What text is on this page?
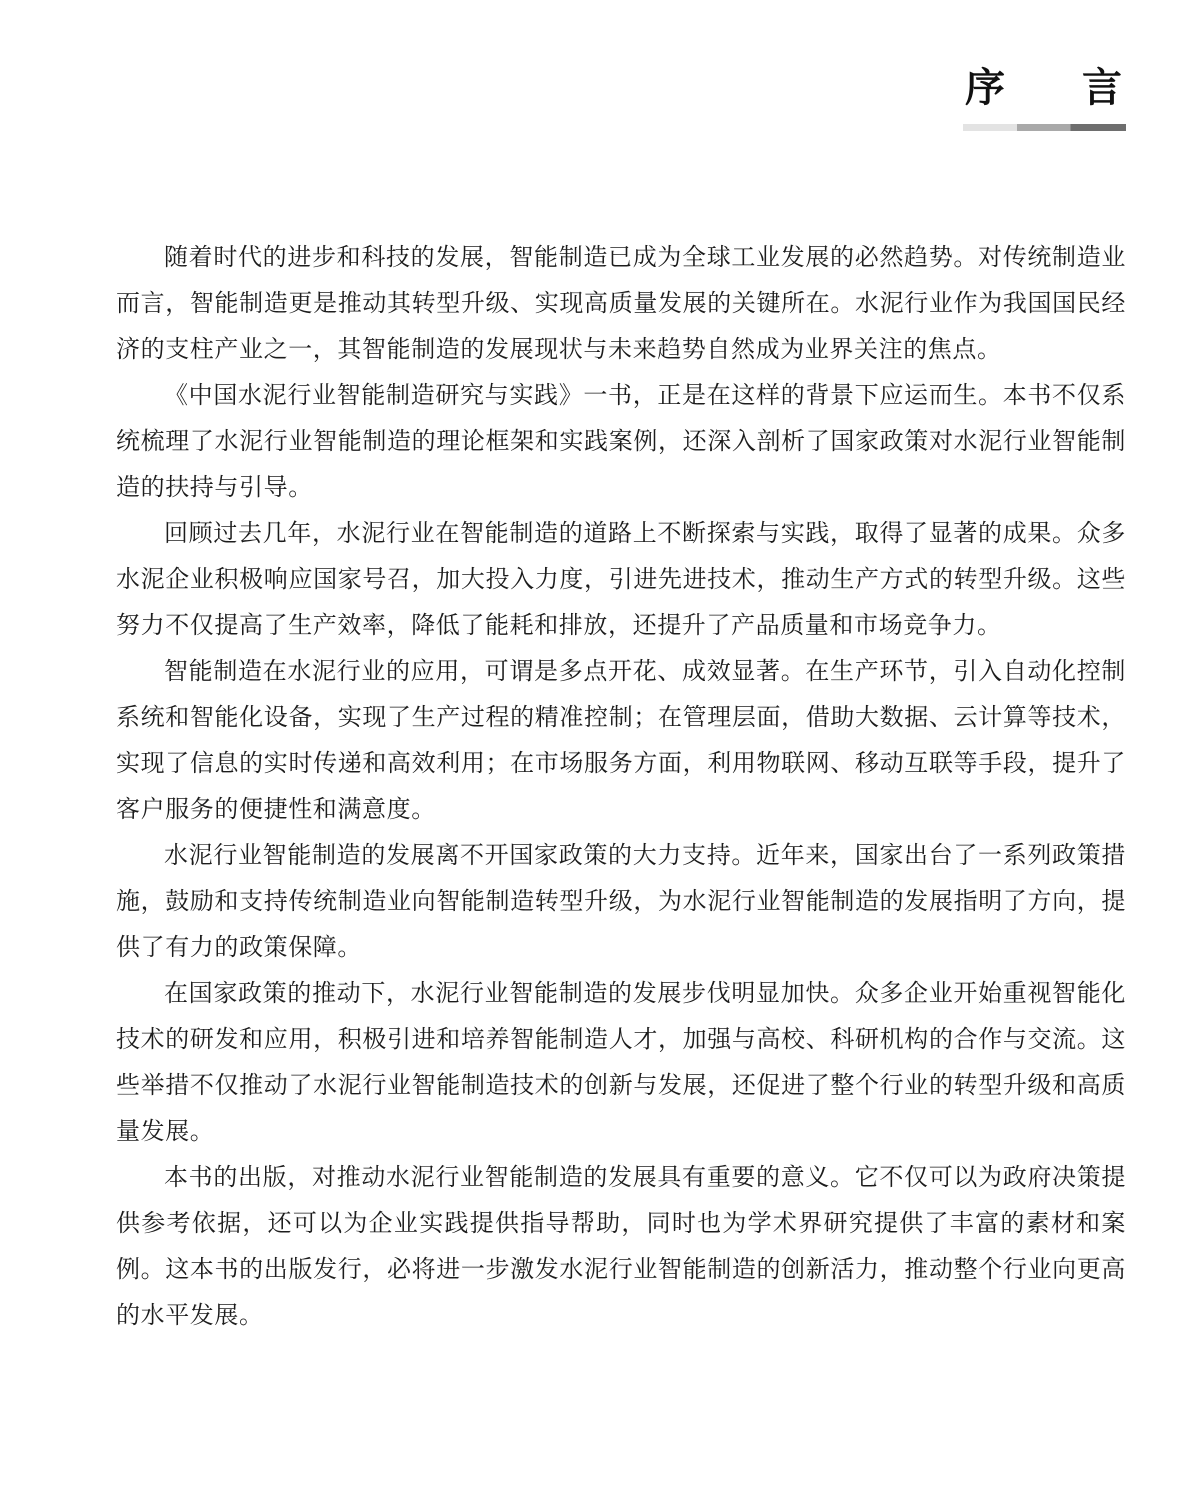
序 言

随着时代的进步和科技的发展，智能制造已成为全球工业发展的必然趋势。对传统制造业而言，智能制造更是推动其转型升级、实现高质量发展的关键所在。水泥行业作为我国国民经济的支柱产业之一，其智能制造的发展现状与未来趋势自然成为业界关注的焦点。

《中国水泥行业智能制造研究与实践》一书，正是在这样的背景下应运而生。本书不仅系统梳理了水泥行业智能制造的理论框架和实践案例，还深入剖析了国家政策对水泥行业智能制造的扶持与引导。

回顾过去几年，水泥行业在智能制造的道路上不断探索与实践，取得了显著的成果。众多水泥企业积极响应国家号召，加大投入力度，引进先进技术，推动生产方式的转型升级。这些努力不仅提高了生产效率，降低了能耗和排放，还提升了产品质量和市场竞争力。

智能制造在水泥行业的应用，可谓是多点开花、成效显著。在生产环节，引入自动化控制系统和智能化设备，实现了生产过程的精准控制；在管理层面，借助大数据、云计算等技术，实现了信息的实时传递和高效利用；在市场服务方面，利用物联网、移动互联等手段，提升了客户服务的便捷性和满意度。

水泥行业智能制造的发展离不开国家政策的大力支持。近年来，国家出台了一系列政策措施，鼓励和支持传统制造业向智能制造转型升级，为水泥行业智能制造的发展指明了方向，提供了有力的政策保障。

在国家政策的推动下，水泥行业智能制造的发展步伐明显加快。众多企业开始重视智能化技术的研发和应用，积极引进和培养智能制造人才，加强与高校、科研机构的合作与交流。这些举措不仅推动了水泥行业智能制造技术的创新与发展，还促进了整个行业的转型升级和高质量发展。

本书的出版，对推动水泥行业智能制造的发展具有重要的意义。它不仅可以为政府决策提供参考依据，还可以为企业实践提供指导帮助，同时也为学术界研究提供了丰富的素材和案例。这本书的出版发行，必将进一步激发水泥行业智能制造的创新活力，推动整个行业向更高的水平发展。
